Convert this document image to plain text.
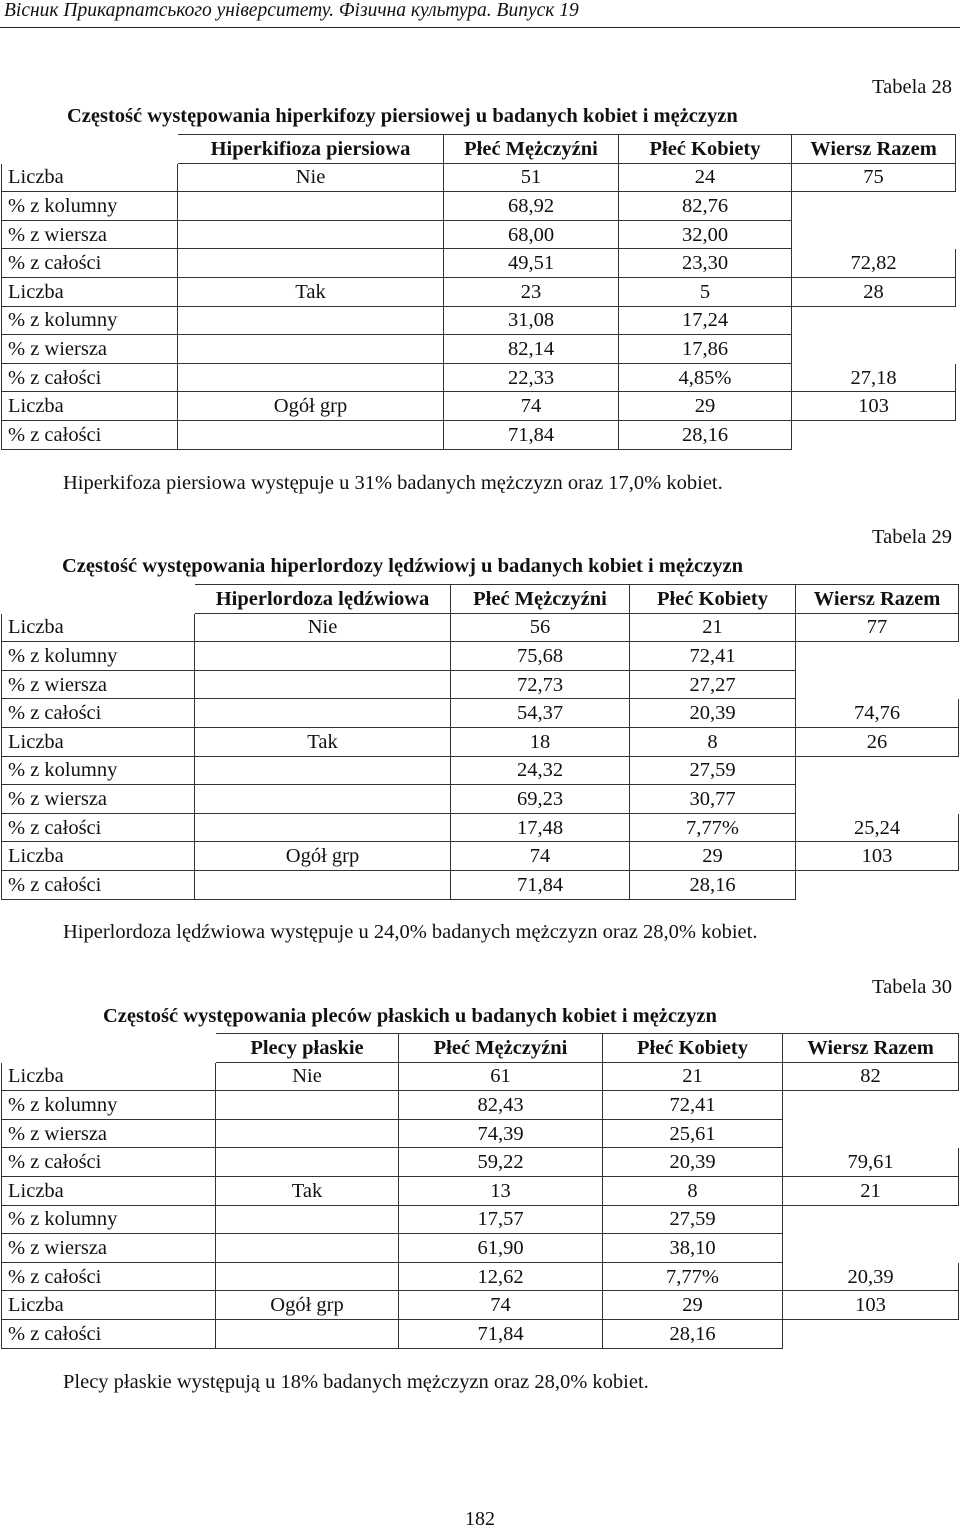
Вісник Прикарпатського університету. Фізична культура. Випуск 19
Tabela 28
Częstość występowania hiperkifozy piersiowej u badanych kobiet i mężczyzn
	Hiperkifioza piersiowa	Płeć Mężczyźni	Płeć Kobiety	Wiersz Razem
Liczba	Nie	51	24	75
% z kolumny		68,92	82,76	
% z wiersza		68,00	32,00	
% z całości		49,51	23,30	72,82
Liczba	Tak	23	5	28
% z kolumny		31,08	17,24	
% z wiersza		82,14	17,86	
% z całości		22,33	4,85%	27,18
Liczba	Ogół grp	74	29	103
% z całości		71,84	28,16	
Hiperkifoza piersiowa występuje u 31% badanych mężczyzn oraz 17,0% kobiet.
Tabela 29
Częstość występowania hiperlordozy lędźwiowj u badanych kobiet i mężczyzn
	Hiperlordoza lędźwiowa	Płeć Mężczyźni	Płeć Kobiety	Wiersz Razem
Liczba	Nie	56	21	77
% z kolumny		75,68	72,41	
% z wiersza		72,73	27,27	
% z całości		54,37	20,39	74,76
Liczba	Tak	18	8	26
% z kolumny		24,32	27,59	
% z wiersza		69,23	30,77	
% z całości		17,48	7,77%	25,24
Liczba	Ogół grp	74	29	103
% z całości		71,84	28,16	
Hiperlordoza lędźwiowa występuje u 24,0% badanych mężczyzn oraz 28,0% kobiet.
Tabela 30
Częstość występowania pleców płaskich u badanych kobiet i mężczyzn
	Plecy płaskie	Płeć Mężczyźni	Płeć Kobiety	Wiersz Razem
Liczba	Nie	61	21	82
% z kolumny		82,43	72,41	
% z wiersza		74,39	25,61	
% z całości		59,22	20,39	79,61
Liczba	Tak	13	8	21
% z kolumny		17,57	27,59	
% z wiersza		61,90	38,10	
% z całości		12,62	7,77%	20,39
Liczba	Ogół grp	74	29	103
% z całości		71,84	28,16	
Plecy płaskie występują u 18% badanych mężczyzn oraz 28,0% kobiet.
182
